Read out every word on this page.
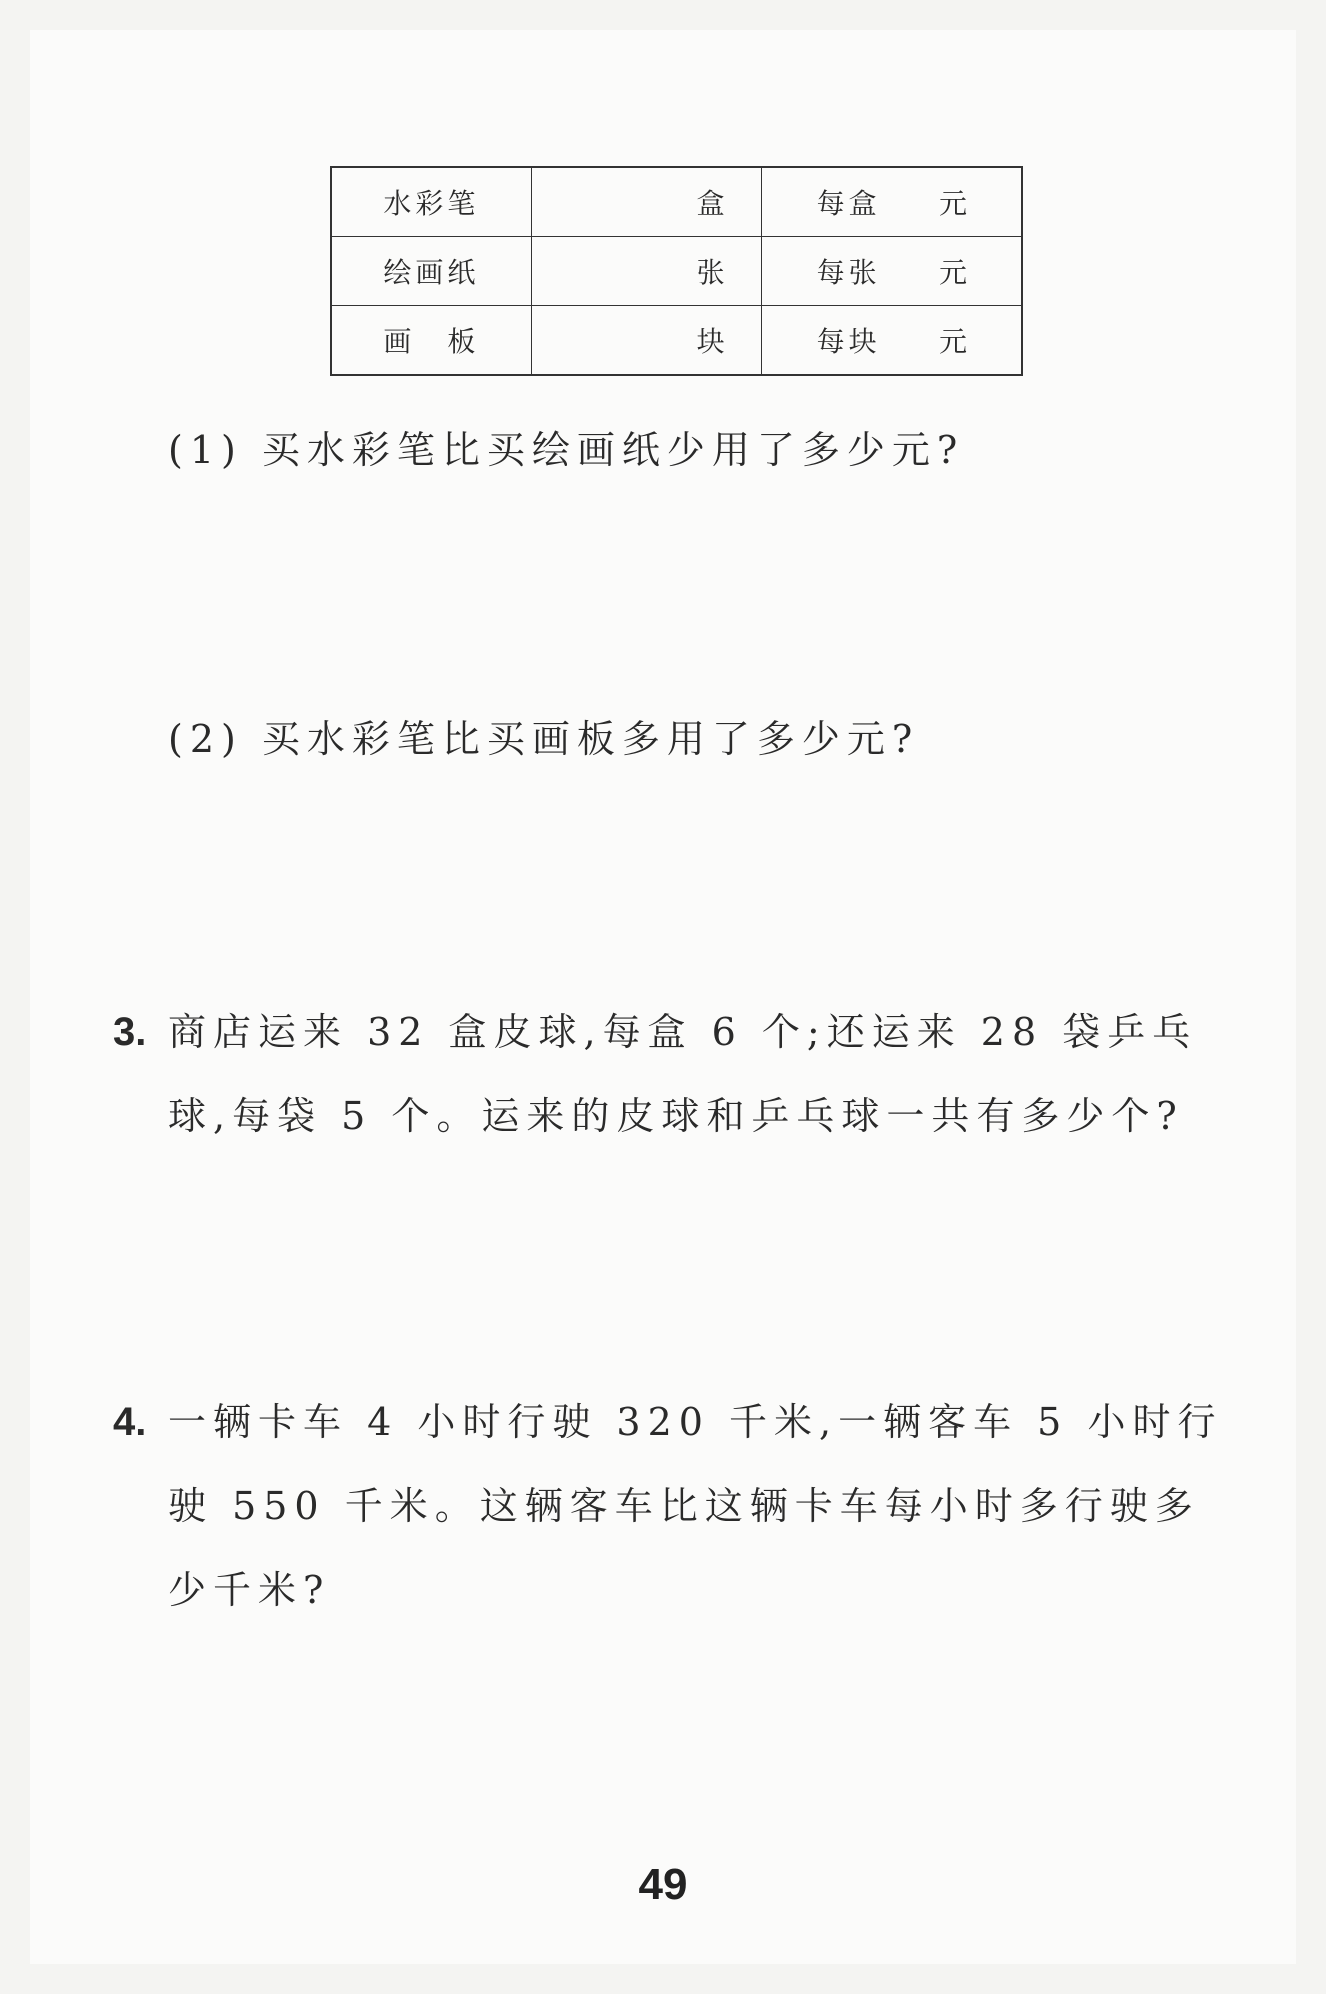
水彩笔	盒	每盒 元

绘画纸	张	每张 元

画　板	块	每块 元
(1) 买水彩笔比买绘画纸少用了多少元?
(2) 买水彩笔比买画板多用了多少元?
3. 商店运来 32 盒皮球,每盒 6 个;还运来 28 袋乒乓
球,每袋 5 个。运来的皮球和乒乓球一共有多少个?
4. 一辆卡车 4 小时行驶 320 千米,一辆客车 5 小时行
驶 550 千米。这辆客车比这辆卡车每小时多行驶多
少千米?
49
